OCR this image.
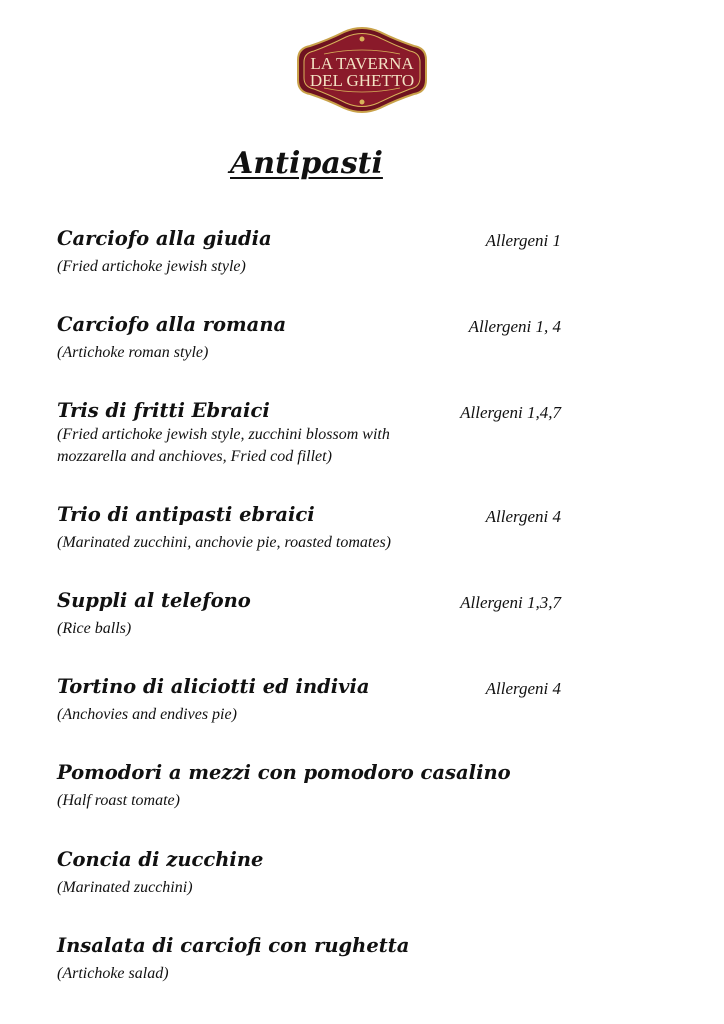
LA TAVERNA
DEL GHETTO
Antipasti
Carciofo alla giudia	Allergeni 1
(Fried artichoke jewish style)
Carciofo alla romana	Allergeni 1, 4
(Artichoke roman style)
Tris di fritti Ebraici	Allergeni 1,4,7
(Fried artichoke jewish style, zucchini blossom with mozzarella and anchioves, Fried cod fillet)
Trio di antipasti ebraici	Allergeni 4
(Marinated zucchini, anchovie pie, roasted tomates)
Suppli al telefono	Allergeni 1,3,7
(Rice balls)
Tortino di aliciotti ed indivia	Allergeni 4
(Anchovies and endives pie)
Pomodori a mezzi con pomodoro casalino
(Half roast tomate)
Concia di zucchine
(Marinated zucchini)
Insalata di carciofi con rughetta
(Artichoke salad)
